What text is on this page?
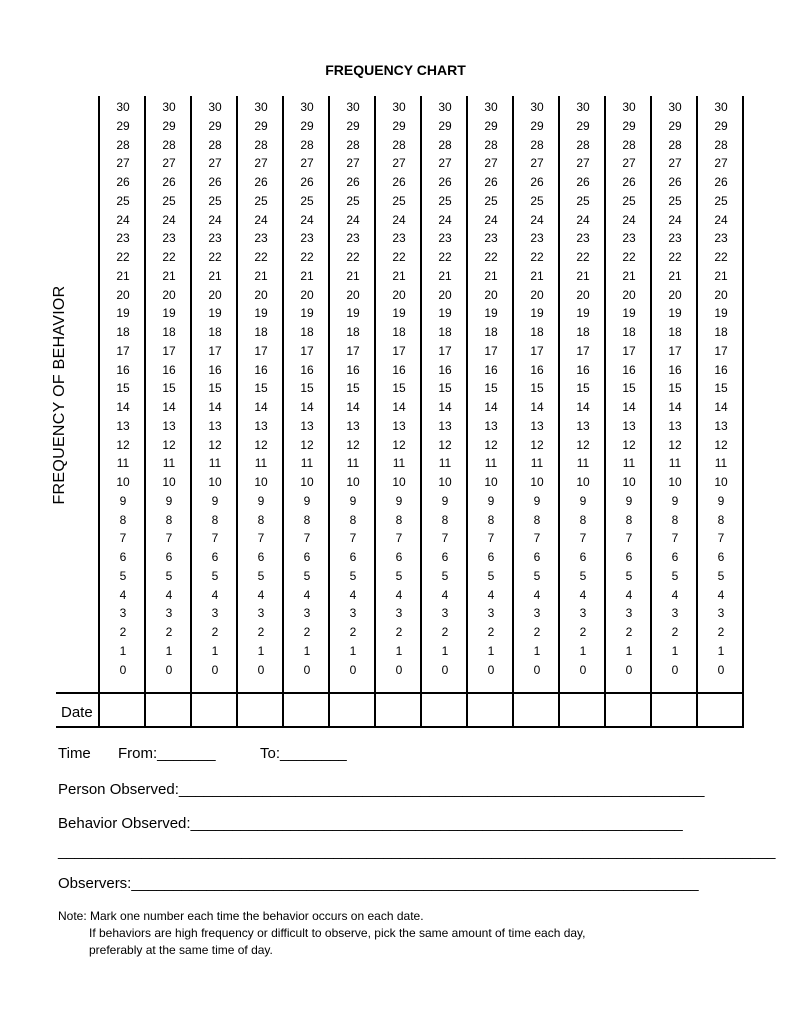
FREQUENCY CHART
FREQUENCY OF BEHAVIOR
30
29
28
27
26
25
24
23
22
21
20
19
18
17
16
15
14
13
12
11
10
9
8
7
6
5
4
3
2
1
0
30
29
28
27
26
25
24
23
22
21
20
19
18
17
16
15
14
13
12
11
10
9
8
7
6
5
4
3
2
1
0
30
29
28
27
26
25
24
23
22
21
20
19
18
17
16
15
14
13
12
11
10
9
8
7
6
5
4
3
2
1
0
30
29
28
27
26
25
24
23
22
21
20
19
18
17
16
15
14
13
12
11
10
9
8
7
6
5
4
3
2
1
0
30
29
28
27
26
25
24
23
22
21
20
19
18
17
16
15
14
13
12
11
10
9
8
7
6
5
4
3
2
1
0
30
29
28
27
26
25
24
23
22
21
20
19
18
17
16
15
14
13
12
11
10
9
8
7
6
5
4
3
2
1
0
30
29
28
27
26
25
24
23
22
21
20
19
18
17
16
15
14
13
12
11
10
9
8
7
6
5
4
3
2
1
0
30
29
28
27
26
25
24
23
22
21
20
19
18
17
16
15
14
13
12
11
10
9
8
7
6
5
4
3
2
1
0
30
29
28
27
26
25
24
23
22
21
20
19
18
17
16
15
14
13
12
11
10
9
8
7
6
5
4
3
2
1
0
30
29
28
27
26
25
24
23
22
21
20
19
18
17
16
15
14
13
12
11
10
9
8
7
6
5
4
3
2
1
0
30
29
28
27
26
25
24
23
22
21
20
19
18
17
16
15
14
13
12
11
10
9
8
7
6
5
4
3
2
1
0
30
29
28
27
26
25
24
23
22
21
20
19
18
17
16
15
14
13
12
11
10
9
8
7
6
5
4
3
2
1
0
30
29
28
27
26
25
24
23
22
21
20
19
18
17
16
15
14
13
12
11
10
9
8
7
6
5
4
3
2
1
0
30
29
28
27
26
25
24
23
22
21
20
19
18
17
16
15
14
13
12
11
10
9
8
7
6
5
4
3
2
1
0
Date
Time From:_______	To:________
Person Observed:_______________________________________________________________
Behavior Observed:___________________________________________________________
______________________________________________________________________________________
Observers:____________________________________________________________________
Note: Mark one number each time the behavior occurs on each date.
If behaviors are high frequency or difficult to observe, pick the same amount of time each day,
preferably at the same time of day.
